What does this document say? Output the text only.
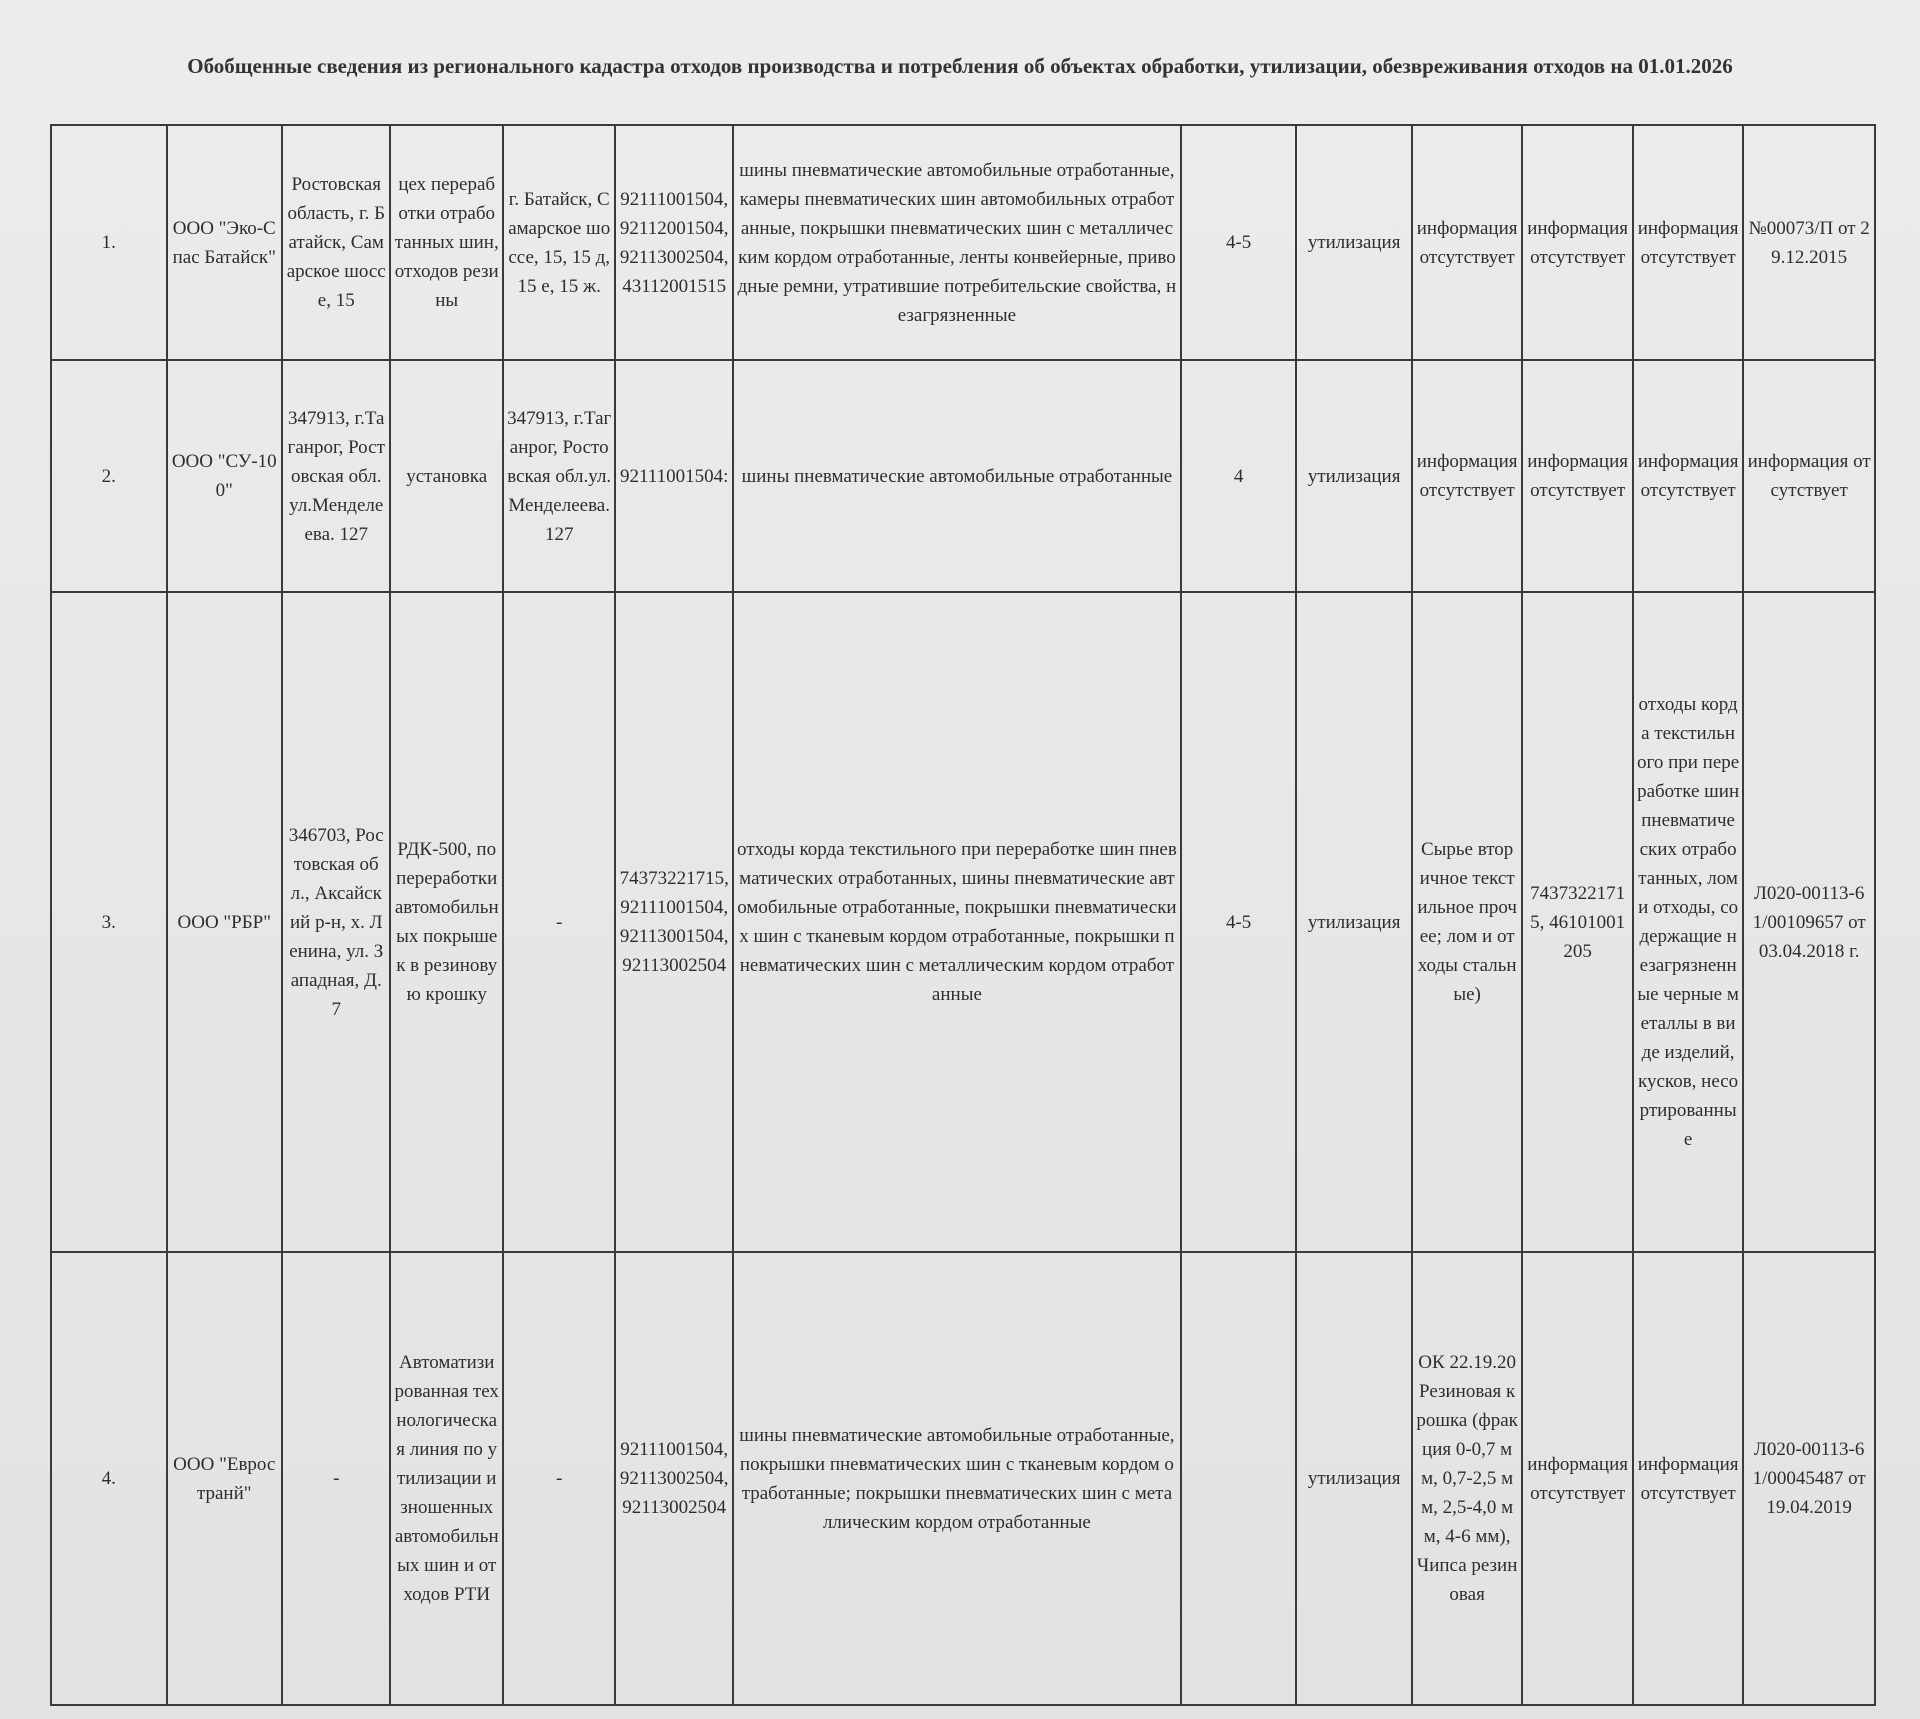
Обобщенные сведения из регионального кадастра отходов производства и потребления об объектах обработки, утилизации, обезвреживания отходов на 01.01.2026
1.	ООО "Эко-Спас Батайск"	Ростовская область, г. Батайск, Самарское шоссе, 15	цех переработки отработанных шин, отходов резины	г. Батайск, Самарское шоссе, 15, 15 д, 15 е, 15 ж.	92111001504, 92112001504, 92113002504, 43112001515	шины пневматические автомобильные отработанные, камеры пневматических шин автомобильных отработанные, покрышки пневматических шин с металлическим кордом отработанные, ленты конвейерные, приводные ремни, утратившие потребительские свойства, незагрязненные	4-5	утилизация	информация отсутствует	информация отсутствует	информация отсутствует	№00073/П от 29.12.2015
2.	ООО "СУ-100"	347913, г.Таганрог, Ростовская обл. ул.Менделеева. 127	установка	347913, г.Таганрог, Ростовская обл.ул.Менделеева. 127	92111001504:	шины пневматические автомобильные отработанные	4	утилизация	информация отсутствует	информация отсутствует	информация отсутствует	информация отсутствует
3.	ООО "РБР"	346703, Ростовская обл., Аксайский р-н, х. Ленина, ул. Западная, Д. 7	РДК-500, по переработки автомобильных покрышек в резиновую крошку	-	74373221715, 92111001504, 92113001504, 92113002504	отходы корда текстильного при переработке шин пневматических отработанных, шины пневматические автомобильные отработанные, покрышки пневматических шин с тканевым кордом отработанные, покрышки пневматических шин с металлическим кордом отработанные	4-5	утилизация	Сырье вторичное текстильное прочее; лом и отходы стальные)	74373221715, 46101001205	отходы корда текстильного при переработке шин пневматических отработанных, лом и отходы, содержащие незагрязненные черные металлы в виде изделий, кусков, несортированные	Л020-00113-61/00109657 от 03.04.2018 г.
4.	ООО "Евространй"	-	Автоматизированная технологическая линия по утилизации изношенных автомобильных шин и отходов РТИ	-	92111001504, 92113002504, 92113002504	шины пневматические автомобильные отработанные, покрышки пневматических шин с тканевым кордом отработанные; покрышки пневматических шин с металлическим кордом отработанные		утилизация	ОК 22.19.20 Резиновая крошка (фракция 0-0,7 мм, 0,7-2,5 мм, 2,5-4,0 мм, 4-6 мм), Чипса резиновая	информация отсутствует	информация отсутствует	Л020-00113-61/00045487 от 19.04.2019
